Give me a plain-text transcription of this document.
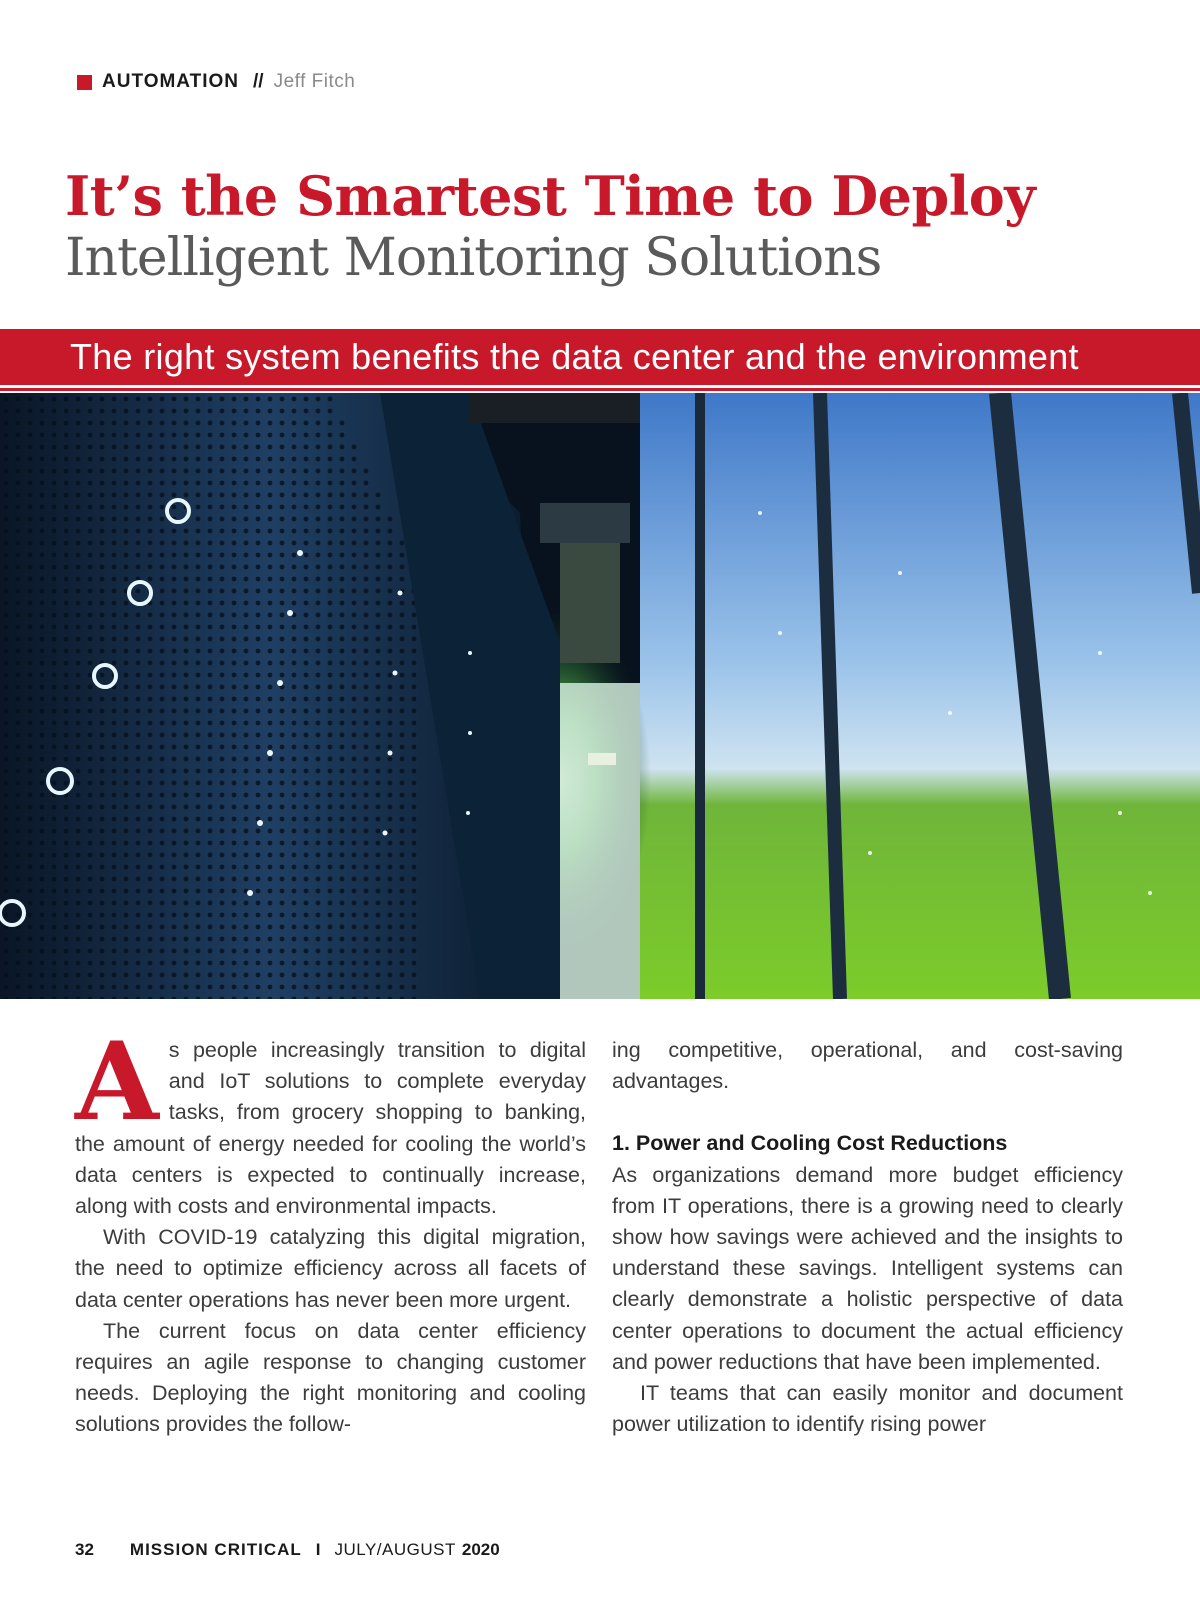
AUTOMATION // Jeff Fitch
It’s the Smartest Time to Deploy
Intelligent Monitoring Solutions
The right system benefits the data center and the environment

As people increasingly transition to digital and IoT solutions to complete everyday tasks, from grocery shopping to banking, the amount of energy needed for cooling the world’s data centers is expected to continually increase, along with costs and environmental impacts.

With COVID-19 catalyzing this digital migration, the need to optimize efficiency across all facets of data center operations has never been more urgent.

The current focus on data center efficiency requires an agile response to changing customer needs. Deploying the right monitoring and cooling solutions provides the follow-

ing competitive, operational, and cost-saving advantages.

1. Power and Cooling Cost Reductions

As organizations demand more budget efficiency from IT operations, there is a growing need to clearly show how savings were achieved and the insights to understand these savings. Intelligent systems can clearly demonstrate a holistic perspective of data center operations to document the actual efficiency and power reductions that have been implemented.

IT teams that can easily monitor and document power utilization to identify rising power

32 MISSION CRITICAL I JULY/AUGUST 2020
